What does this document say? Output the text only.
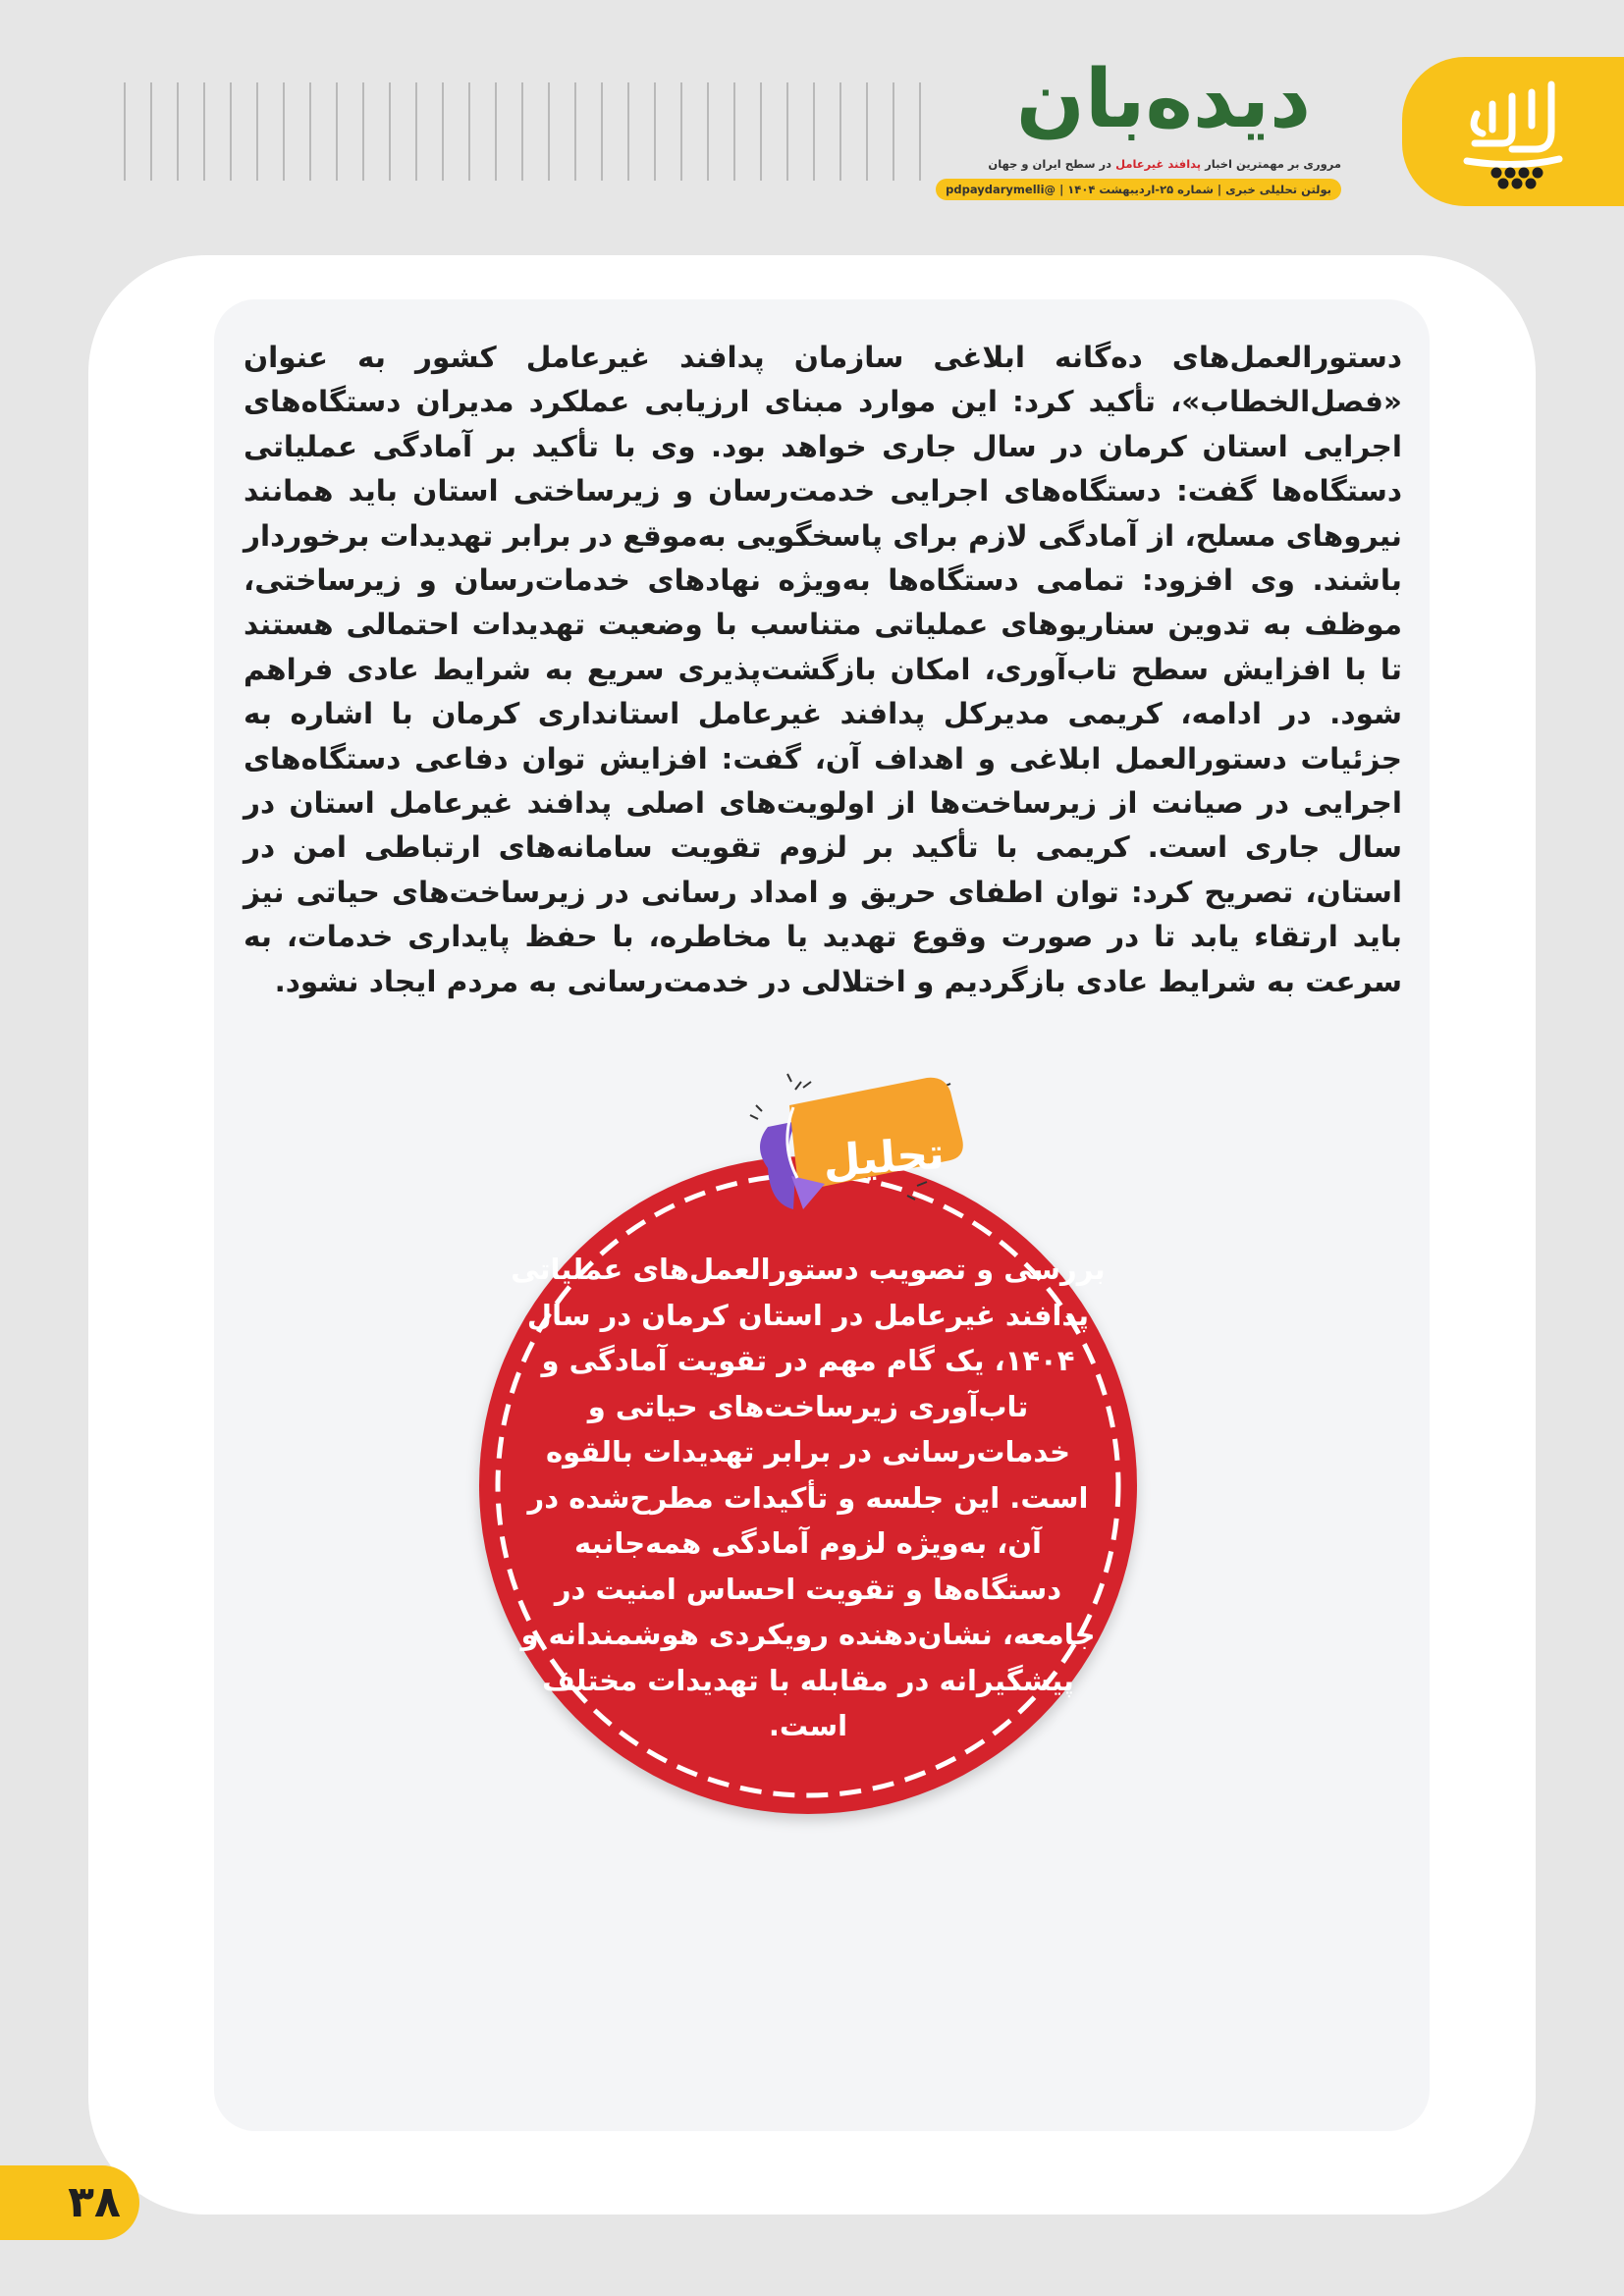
دیده‌بان
مروری بر مهمترین اخبار پدافند غیرعامل در سطح ایران و جهان
بولتن تحلیلی خبری | شماره ۲۵-اردیبهشت ۱۴۰۴ | @pdpaydarymelli

دستورالعمل‌های ده‌گانه ابلاغی سازمان پدافند غیرعامل کشور به عنوان «فصل‌الخطاب»، تأکید کرد: این موارد مبنای ارزیابی عملکرد مدیران دستگاه‌های اجرایی استان کرمان در سال جاری خواهد بود. وی با تأکید بر آمادگی عملیاتی دستگاه‌ها گفت: دستگاه‌های اجرایی خدمت‌رسان و زیرساختی استان باید همانند نیروهای مسلح، از آمادگی لازم برای پاسخگویی به‌موقع در برابر تهدیدات برخوردار باشند. وی افزود: تمامی دستگاه‌ها به‌ویژه نهادهای خدمات‌رسان و زیرساختی، موظف به تدوین سناریوهای عملیاتی متناسب با وضعیت تهدیدات احتمالی هستند تا با افزایش سطح تاب‌آوری، امکان بازگشت‌پذیری سریع به شرایط عادی فراهم شود. در ادامه، کریمی مدیرکل پدافند غیرعامل استانداری کرمان با اشاره به جزئیات دستورالعمل ابلاغی و اهداف آن، گفت: افزایش توان دفاعی دستگاه‌های اجرایی در صیانت از زیرساخت‌ها از اولویت‌های اصلی پدافند غیرعامل استان در سال جاری است. کریمی با تأکید بر لزوم تقویت سامانه‌های ارتباطی امن در استان، تصریح کرد: توان اطفای حریق و امداد رسانی در زیرساخت‌های حیاتی نیز باید ارتقاء یابد تا در صورت وقوع تهدید یا مخاطره، با حفظ پایداری خدمات، به سرعت به شرایط عادی بازگردیم و اختلالی در خدمت‌رسانی به مردم ایجاد نشود.

بررسی و تصویب دستورالعمل‌های عملیاتی پدافند غیرعامل در استان کرمان در سال ۱۴۰۴، یک گام مهم در تقویت آمادگی و تاب‌آوری زیرساخت‌های حیاتی و خدمات‌رسانی در برابر تهدیدات بالقوه است. این جلسه و تأکیدات مطرح‌شده در آن، به‌ویژه لزوم آمادگی همه‌جانبه دستگاه‌ها و تقویت احساس امنیت در جامعه، نشان‌دهنده رویکردی هوشمندانه و پیشگیرانه در مقابله با تهدیدات مختلف است.

تحلیل
۳۸
